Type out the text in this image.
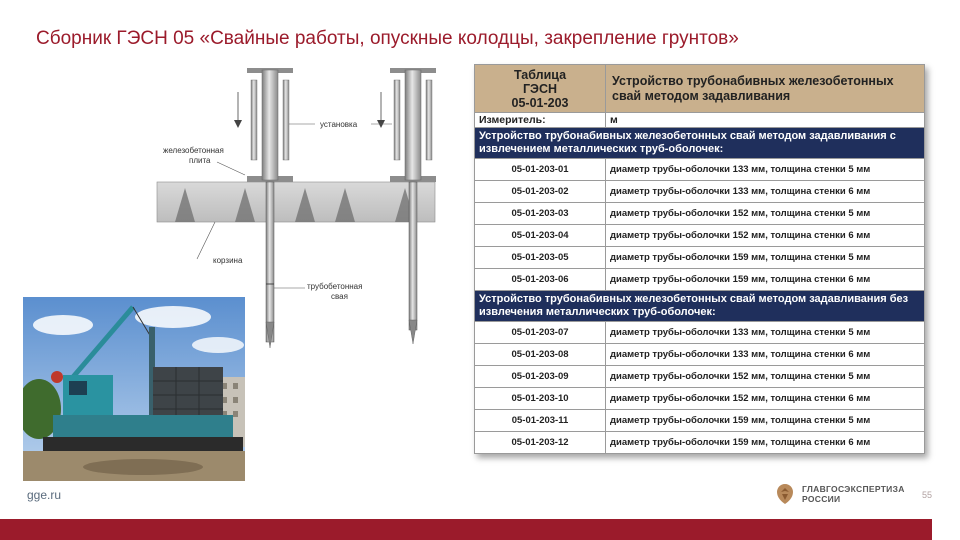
Сборник ГЭСН 05 «Свайные работы, опускные колодцы, закрепление грунтов»
установка
железобетонная
плита
корзина
трубобетонная
свая
Таблица
ГЭСН
05-01-203	Устройство трубонабивных железобетонных свай методом задавливания
Измеритель:	м
Устройство трубонабивных железобетонных свай методом задавливания с извлечением металлических труб-оболочек:	
05-01-203-01	диаметр трубы-оболочки 133 мм, толщина стенки 5 мм
05-01-203-02	диаметр трубы-оболочки 133 мм, толщина стенки 6 мм
05-01-203-03	диаметр трубы-оболочки 152 мм, толщина стенки 5 мм
05-01-203-04	диаметр трубы-оболочки 152 мм, толщина стенки 6 мм
05-01-203-05	диаметр трубы-оболочки 159 мм, толщина стенки 5 мм
05-01-203-06	диаметр трубы-оболочки 159 мм, толщина стенки 6 мм
Устройство трубонабивных железобетонных свай методом задавливания без извлечения металлических труб-оболочек:	
05-01-203-07	диаметр трубы-оболочки 133 мм, толщина стенки 5 мм
05-01-203-08	диаметр трубы-оболочки 133 мм, толщина стенки 6 мм
05-01-203-09	диаметр трубы-оболочки 152 мм, толщина стенки 5 мм
05-01-203-10	диаметр трубы-оболочки 152 мм, толщина стенки 6 мм
05-01-203-11	диаметр трубы-оболочки 159 мм, толщина стенки 5 мм
05-01-203-12	диаметр трубы-оболочки 159 мм, толщина стенки 6 мм
gge.ru	ГЛАВГОСЭКСПЕРТИЗА
РОССИИ	55
